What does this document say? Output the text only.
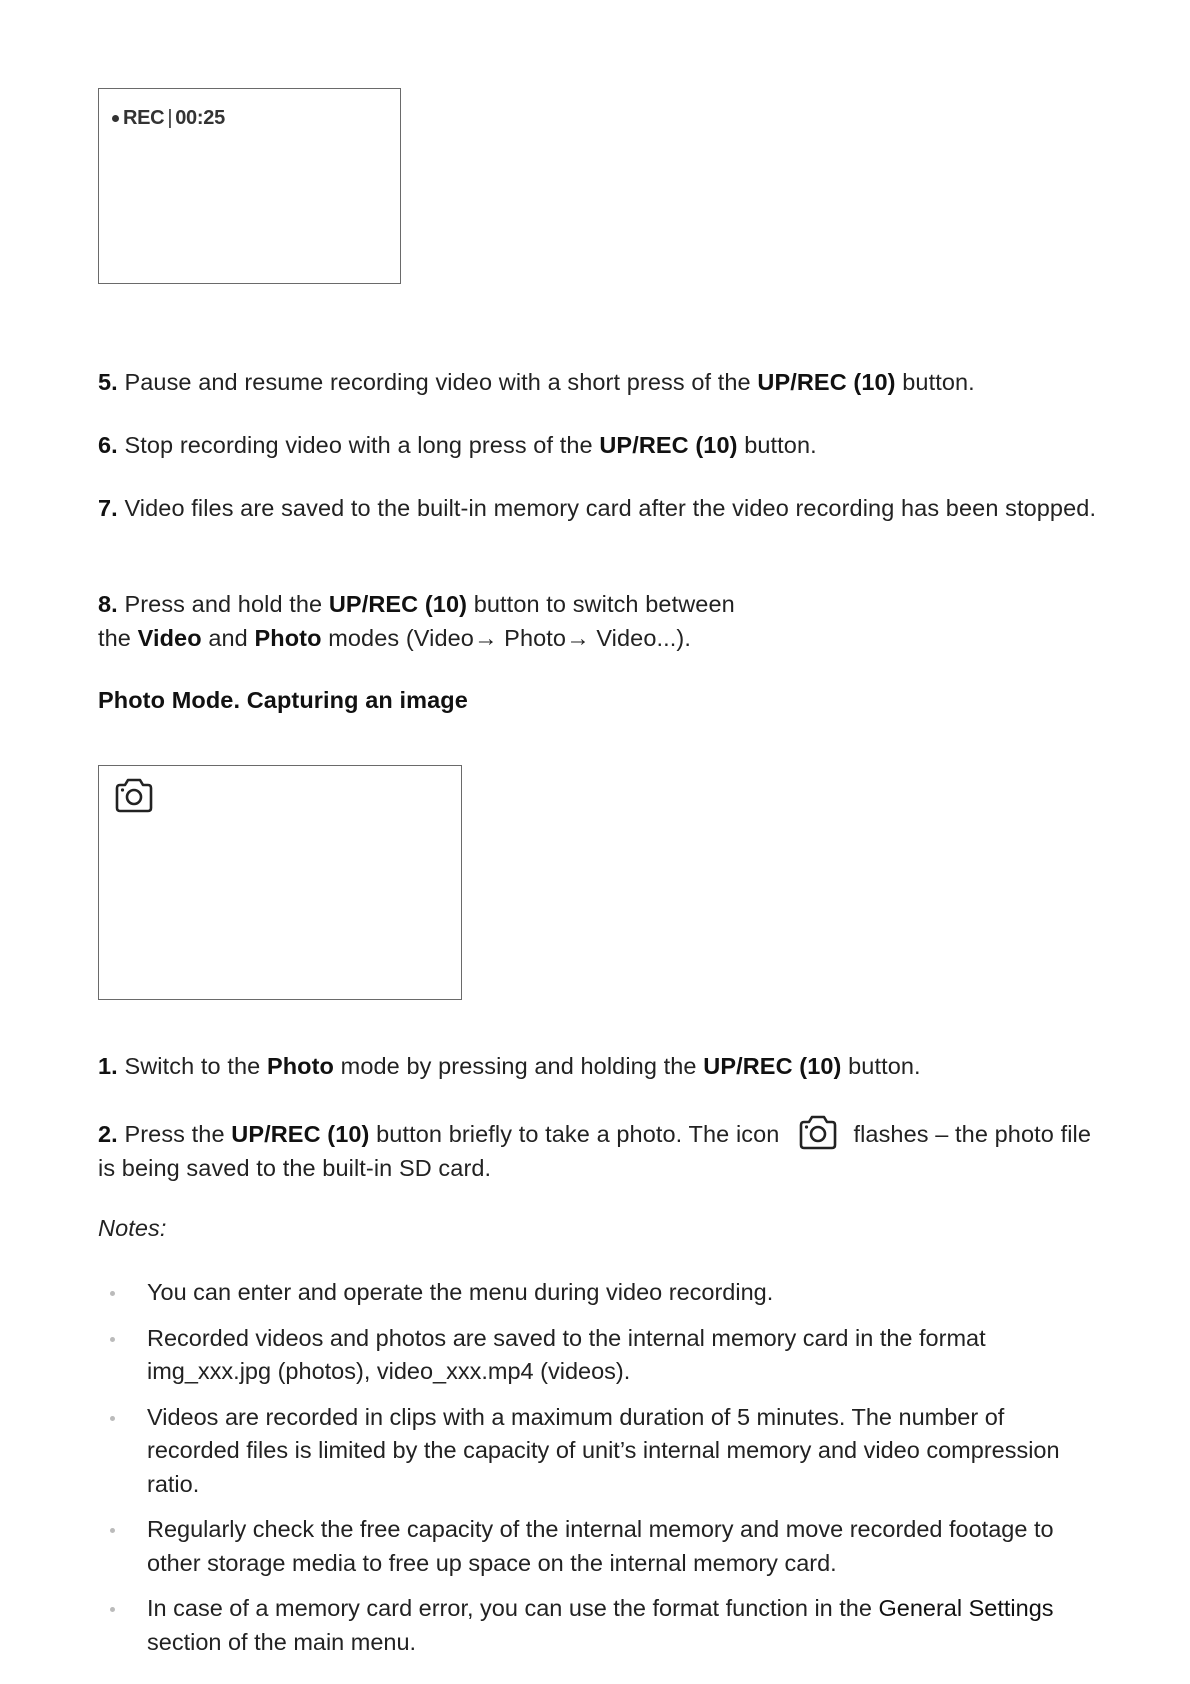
REC | 00:25

5. Pause and resume recording video with a short press of the UP/REC (10) button.

6. Stop recording video with a long press of the UP/REC (10) button.

7. Video files are saved to the built-in memory card after the video recording has been stopped.

8. Press and hold the UP/REC (10) button to switch between
the Video and Photo modes (Video→ Photo→ Video...).

Photo Mode. Capturing an image

1. Switch to the Photo mode by pressing and holding the UP/REC (10) button.

2. Press the UP/REC (10) button briefly to take a photo. The icon	flashes – the photo file is being saved to the built-in SD card.

Notes:

You can enter and operate the menu during video recording.
Recorded videos and photos are saved to the internal memory card in the format img_xxx.jpg (photos), video_xxx.mp4 (videos).
Videos are recorded in clips with a maximum duration of 5 minutes. The number of recorded files is limited by the capacity of unit’s internal memory and video compression ratio.
Regularly check the free capacity of the internal memory and move recorded footage to other storage media to free up space on the internal memory card.
In case of a memory card error, you can use the format function in the General Settings section of the main menu.
